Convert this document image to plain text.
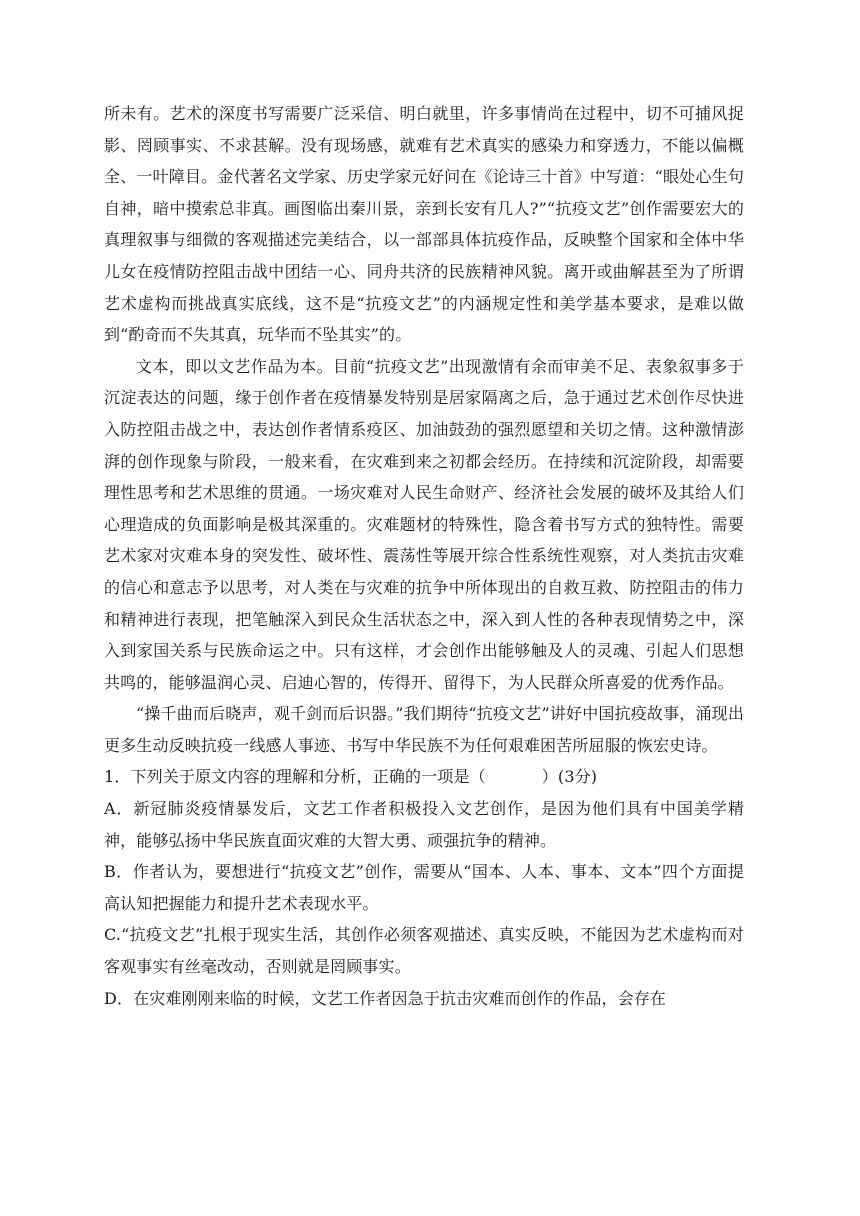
所未有。艺术的深度书写需要广泛采信、明白就里，许多事情尚在过程中，切不可捕风捉影、罔顾事实、不求甚解。没有现场感，就难有艺术真实的感染力和穿透力，不能以偏概全、一叶障目。金代著名文学家、历史学家元好问在《论诗三十首》中写道：“眼处心生句自神，暗中摸索总非真。画图临出秦川景，亲到长安有几人?”“抗疫文艺”创作需要宏大的真理叙事与细微的客观描述完美结合，以一部部具体抗疫作品，反映整个国家和全体中华儿女在疫情防控阻击战中团结一心、同舟共济的民族精神风貌。离开或曲解甚至为了所谓艺术虚构而挑战真实底线，这不是“抗疫文艺”的内涵规定性和美学基本要求，是难以做到“酌奇而不失其真，玩华而不坠其实”的。

文本，即以文艺作品为本。目前“抗疫文艺”出现激情有余而审美不足、表象叙事多于沉淀表达的问题，缘于创作者在疫情暴发特别是居家隔离之后，急于通过艺术创作尽快进入防控阻击战之中，表达创作者情系疫区、加油鼓劲的强烈愿望和关切之情。这种激情澎湃的创作现象与阶段，一般来看，在灾难到来之初都会经历。在持续和沉淀阶段，却需要理性思考和艺术思维的贯通。一场灾难对人民生命财产、经济社会发展的破坏及其给人们心理造成的负面影响是极其深重的。灾难题材的特殊性，隐含着书写方式的独特性。需要艺术家对灾难本身的突发性、破坏性、震荡性等展开综合性系统性观察，对人类抗击灾难的信心和意志予以思考，对人类在与灾难的抗争中所体现出的自救互救、防控阻击的伟力和精神进行表现，把笔触深入到民众生活状态之中，深入到人性的各种表现情势之中，深入到家国关系与民族命运之中。只有这样，才会创作出能够触及人的灵魂、引起人们思想共鸣的，能够温润心灵、启迪心智的，传得开、留得下，为人民群众所喜爱的优秀作品。

“操千曲而后晓声，观千剑而后识器。”我们期待“抗疫文艺”讲好中国抗疫故事，涌现出更多生动反映抗疫一线感人事迹、书写中华民族不为任何艰难困苦所屈服的恢宏史诗。

1．下列关于原文内容的理解和分析，正确的一项是（	）(3分)

A．新冠肺炎疫情暴发后，文艺工作者积极投入文艺创作，是因为他们具有中国美学精神，能够弘扬中华民族直面灾难的大智大勇、顽强抗争的精神。

B．作者认为，要想进行“抗疫文艺”创作，需要从“国本、人本、事本、文本”四个方面提高认知把握能力和提升艺术表现水平。

C.“抗疫文艺”扎根于现实生活，其创作必须客观描述、真实反映，不能因为艺术虚构而对客观事实有丝毫改动，否则就是罔顾事实。

D．在灾难刚刚来临的时候，文艺工作者因急于抗击灾难而创作的作品，会存在
